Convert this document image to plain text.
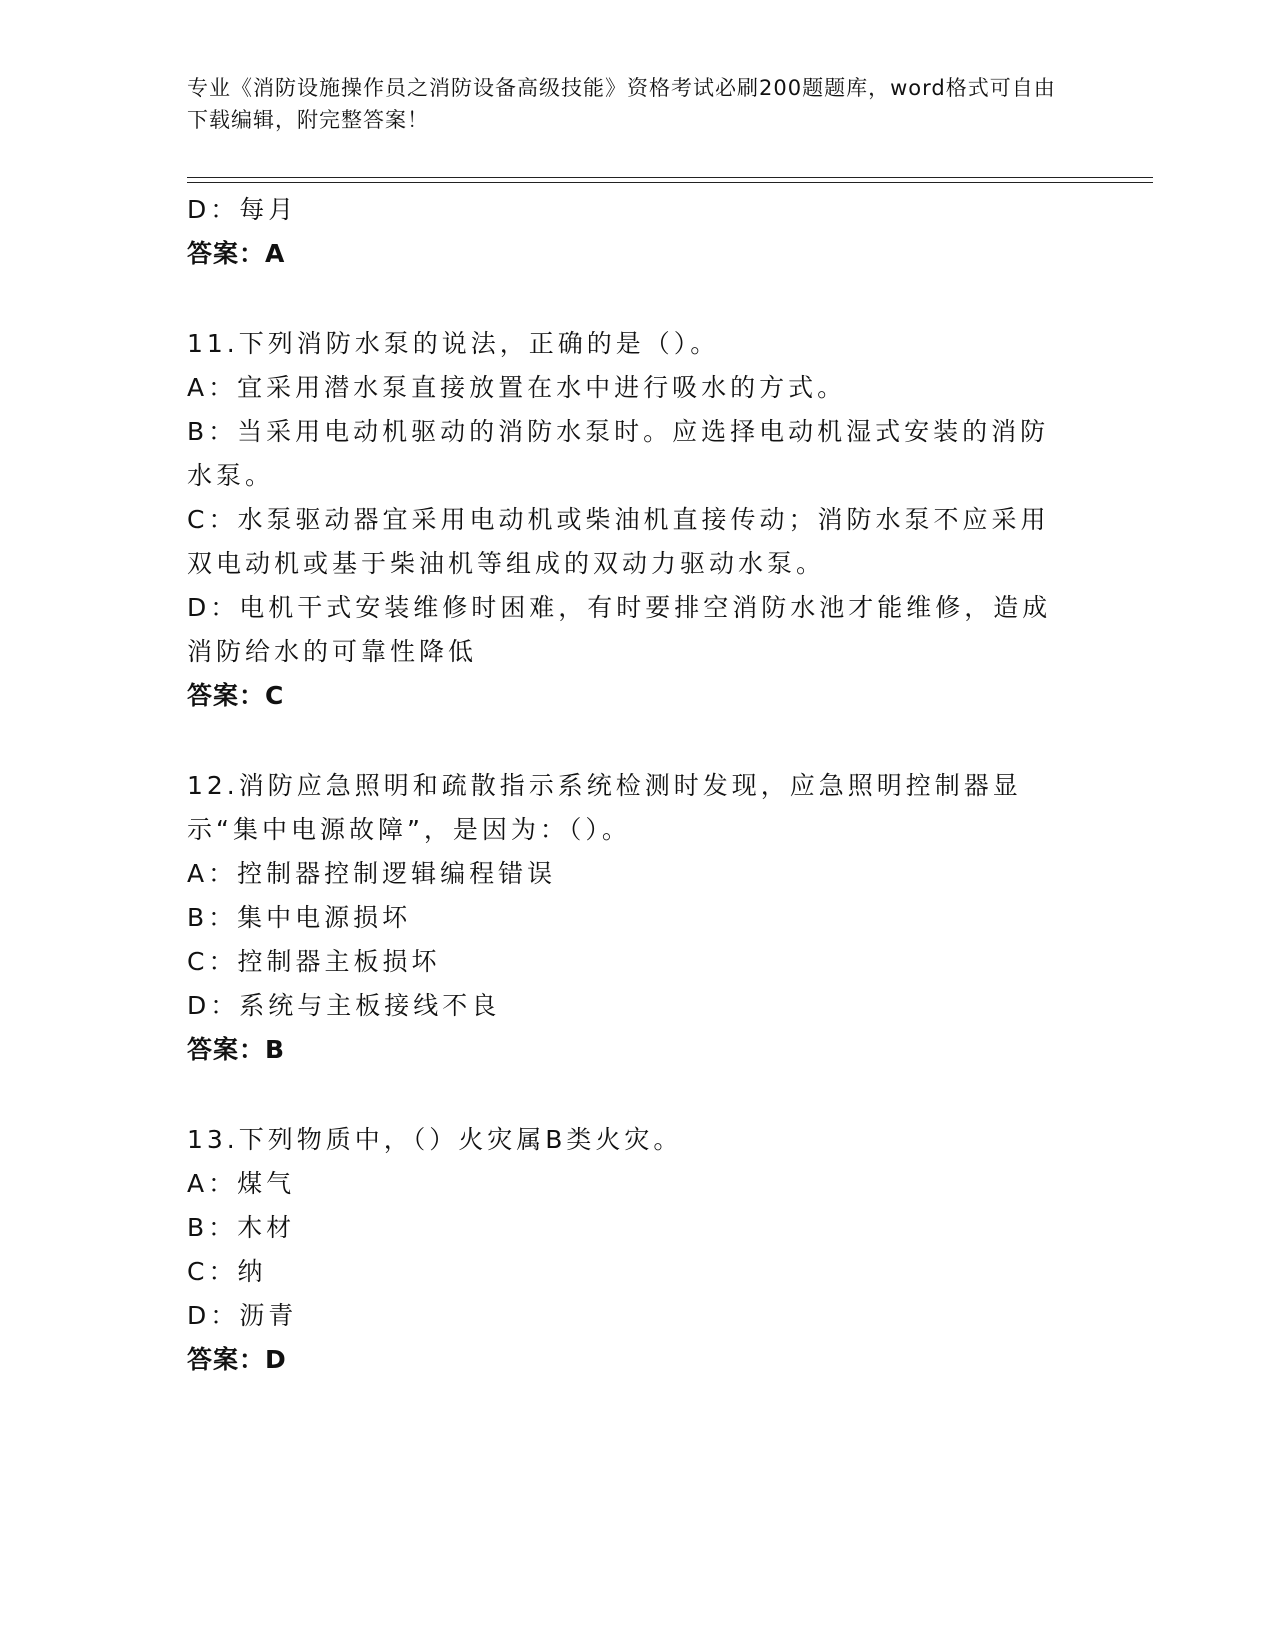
专业《消防设施操作员之消防设备高级技能》资格考试必刷200题题库，word格式可自由下载编辑，附完整答案！
D：每月
答案：A
11.下列消防水泵的说法，正确的是（）。
A：宜采用潜水泵直接放置在水中进行吸水的方式。
B：当采用电动机驱动的消防水泵时。应选择电动机湿式安装的消防水泵。
C：水泵驱动器宜采用电动机或柴油机直接传动；消防水泵不应采用双电动机或基于柴油机等组成的双动力驱动水泵。
D：电机干式安装维修时困难，有时要排空消防水池才能维修，造成消防给水的可靠性降低
答案：C
12.消防应急照明和疏散指示系统检测时发现，应急照明控制器显示“集中电源故障”，是因为：（）。
A：控制器控制逻辑编程错误
B：集中电源损坏
C：控制器主板损坏
D：系统与主板接线不良
答案：B
13.下列物质中，（）火灾属B类火灾。
A：煤气
B：木材
C：纳
D：沥青
答案：D
